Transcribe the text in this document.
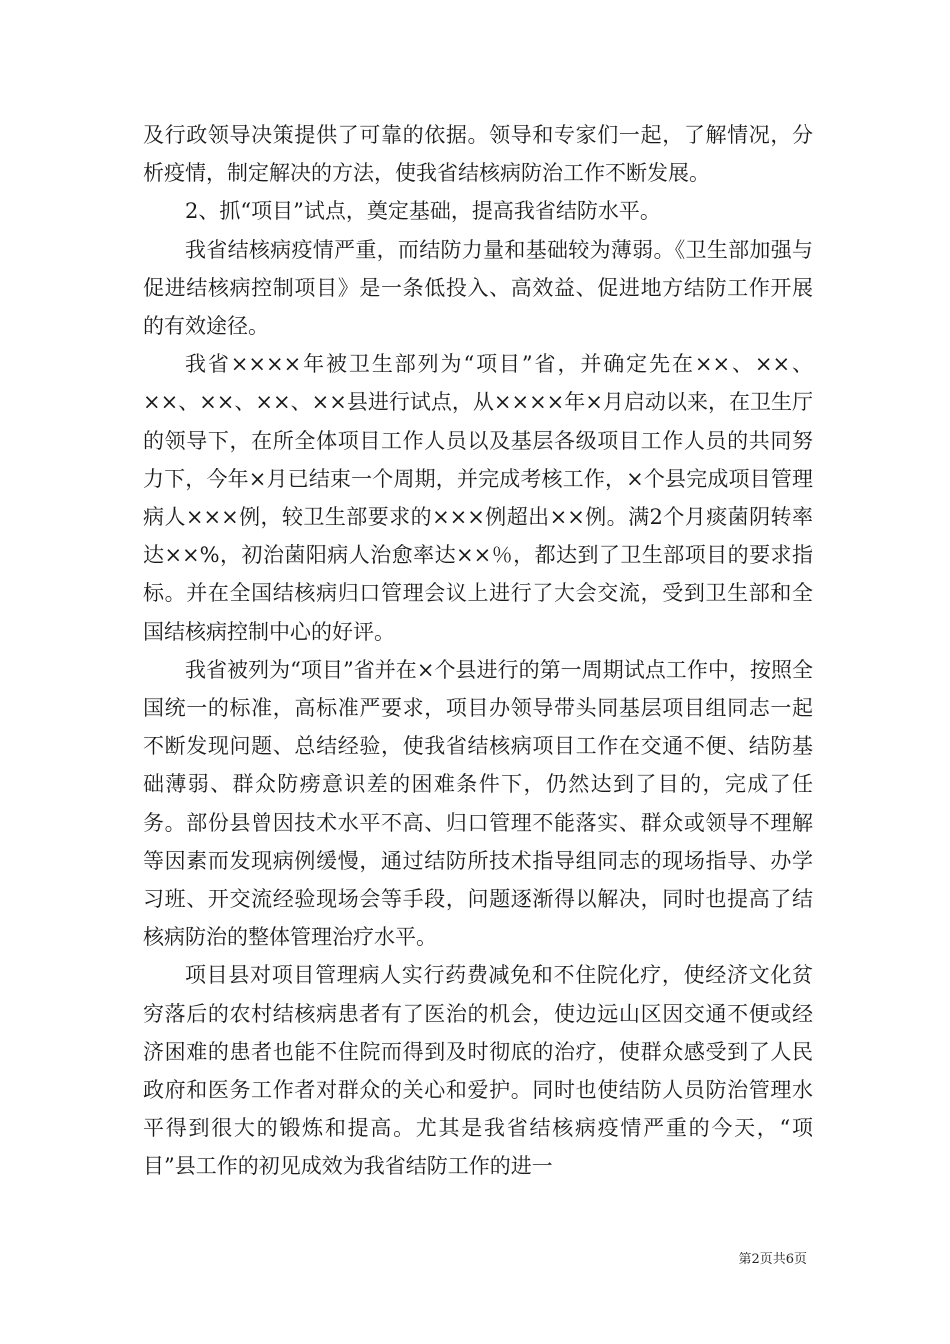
及行政领导决策提供了可靠的依据。领导和专家们一起，了解情况，分析疫情，制定解决的方法，使我省结核病防治工作不断发展。

2、抓“项目”试点，奠定基础，提高我省结防水平。

我省结核病疫情严重，而结防力量和基础较为薄弱。《卫生部加强与促进结核病控制项目》是一条低投入、高效益、促进地方结防工作开展的有效途径。

我省××××年被卫生部列为“项目”省，并确定先在××、××、××、××、××、××县进行试点，从××××年×月启动以来，在卫生厅的领导下，在所全体项目工作人员以及基层各级项目工作人员的共同努力下，今年×月已结束一个周期，并完成考核工作，×个县完成项目管理病人×××例，较卫生部要求的×××例超出××例。满2个月痰菌阴转率达××%，初治菌阳病人治愈率达××％，都达到了卫生部项目的要求指标。并在全国结核病归口管理会议上进行了大会交流，受到卫生部和全国结核病控制中心的好评。

我省被列为“项目”省并在×个县进行的第一周期试点工作中，按照全国统一的标准，高标准严要求，项目办领导带头同基层项目组同志一起不断发现问题、总结经验，使我省结核病项目工作在交通不便、结防基础薄弱、群众防痨意识差的困难条件下，仍然达到了目的，完成了任务。部份县曾因技术水平不高、归口管理不能落实、群众或领导不理解等因素而发现病例缓慢，通过结防所技术指导组同志的现场指导、办学习班、开交流经验现场会等手段，问题逐渐得以解决，同时也提高了结核病防治的整体管理治疗水平。

项目县对项目管理病人实行药费减免和不住院化疗，使经济文化贫穷落后的农村结核病患者有了医治的机会，使边远山区因交通不便或经济困难的患者也能不住院而得到及时彻底的治疗，使群众感受到了人民政府和医务工作者对群众的关心和爱护。同时也使结防人员防治管理水平得到很大的锻炼和提高。尤其是我省结核病疫情严重的今天，“项目”县工作的初见成效为我省结防工作的进一

第2页共6页
